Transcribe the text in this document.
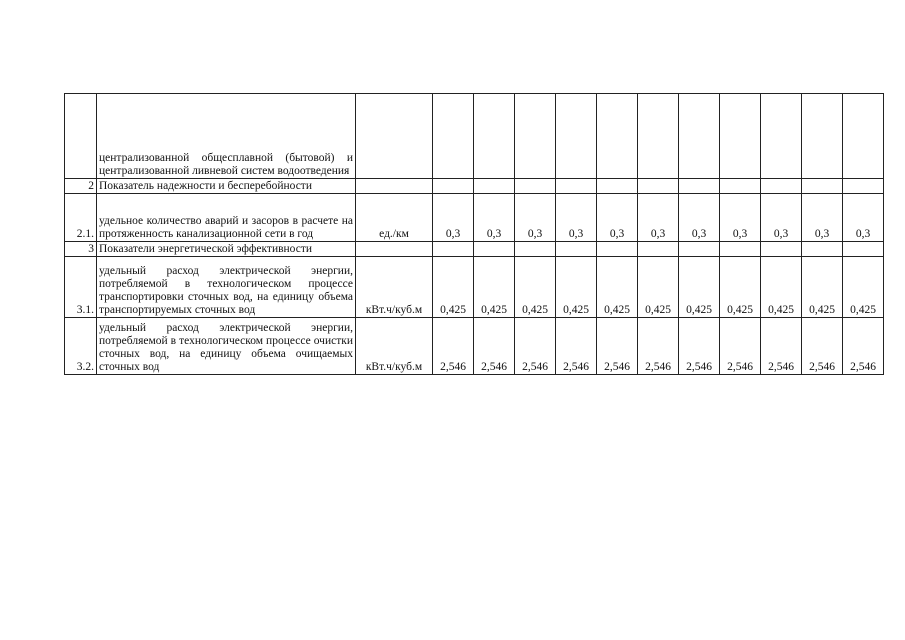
	централизованной общесплавной (бытовой) и централизованной ливневой систем водоотведения												
2	Показатель надежности и бесперебойности												
2.1.	удельное количество аварий и засоров в расчете на протяженность канализационной сети в год	ед./км	0,3	0,3	0,3	0,3	0,3	0,3	0,3	0,3	0,3	0,3	0,3
3	Показатели энергетической эффективности												
3.1.	удельный расход электрической энергии, потребляемой в технологическом процессе транспортировки сточных вод, на единицу объема транспортируемых сточных вод	кВт.ч/куб.м	0,425	0,425	0,425	0,425	0,425	0,425	0,425	0,425	0,425	0,425	0,425
3.2.	удельный расход электрической энергии, потребляемой в технологическом процессе очистки сточных вод, на единицу объема очищаемых сточных вод	кВт.ч/куб.м	2,546	2,546	2,546	2,546	2,546	2,546	2,546	2,546	2,546	2,546	2,546
